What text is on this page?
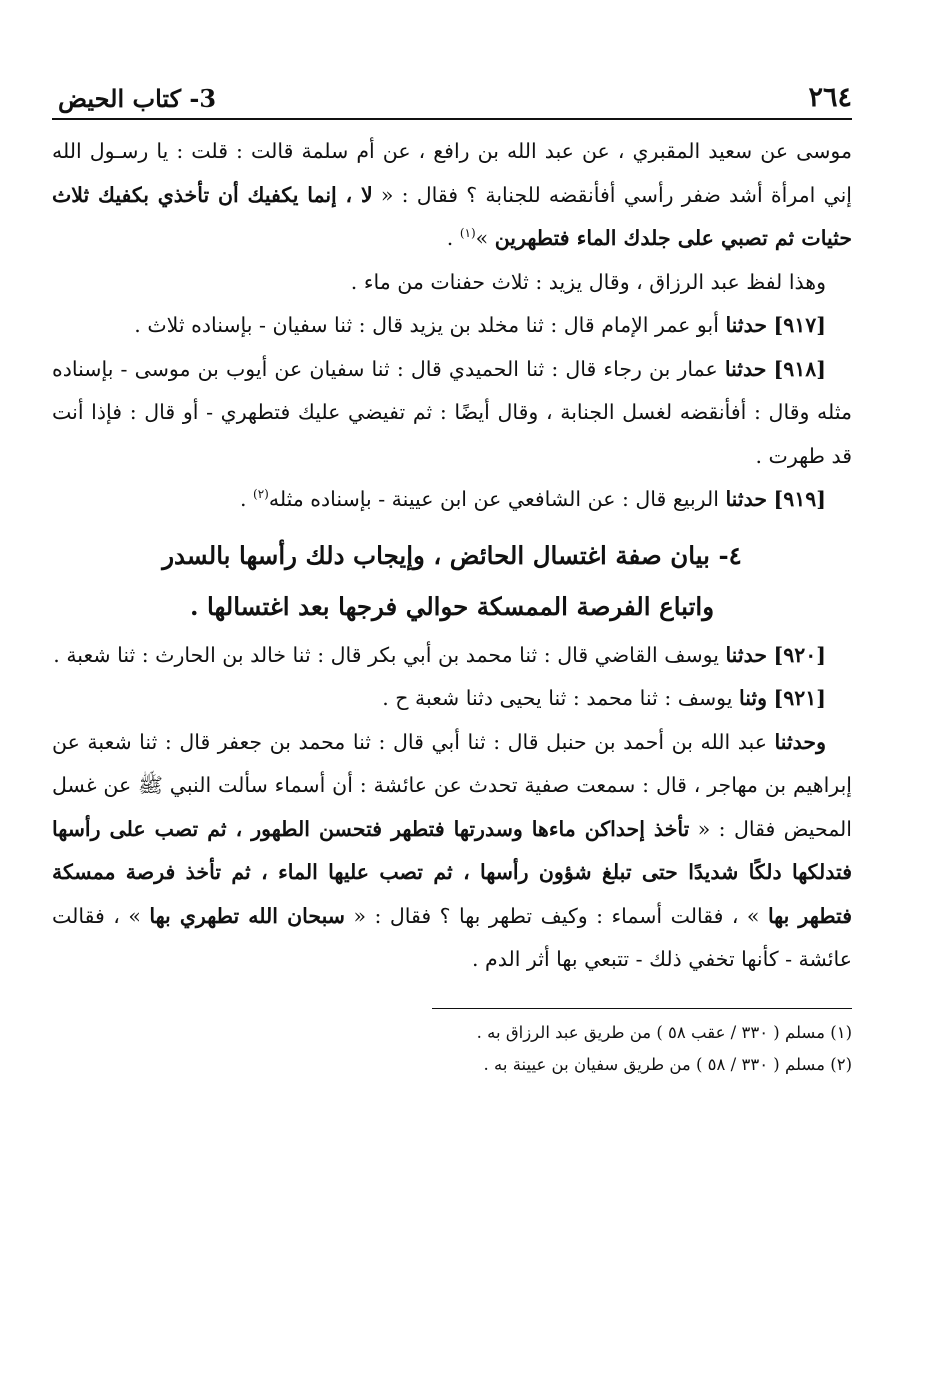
٢٦٤
3- كتاب الحيض

موسى عن سعيد المقبري ، عن عبد الله بن رافع ، عن أم سلمة قالت : قلت : يا رسـول الله إني امرأة أشد ضفر رأسي أفأنقضه للجنابة ؟ فقال : « لا ، إنما يكفيك أن تأخذي بكفيك ثلاث حثيات ثم تصبي على جلدك الماء فتطهرين »$^{(١)}$ .

وهذا لفظ عبد الرزاق ، وقال يزيد : ثلاث حفنات من ماء .

[٩١٧] حدثنا أبو عمر الإمام قال : ثنا مخلد بن يزيد قال : ثنا سفيان - بإسناده ثلاث .

[٩١٨] حدثنا عمار بن رجاء قال : ثنا الحميدي قال : ثنا سفيان عن أيوب بن موسى - بإسناده مثله وقال : أفأنقضه لغسل الجنابة ، وقال أيضًا : ثم تفيضي عليك فتطهري - أو قال : فإذا أنت قد طهرت .

[٩١٩] حدثنا الربيع قال : عن الشافعي عن ابن عيينة - بإسناده مثله$^{(٢)}$ .

٤- بيان صفة اغتسال الحائض ، وإيجاب دلك رأسها بالسدر
واتباع الفرصة الممسكة حوالي فرجها بعد اغتسالها .

[٩٢٠] حدثنا يوسف القاضي قال : ثنا محمد بن أبي بكر قال : ثنا خالد بن الحارث : ثنا شعبة .

[٩٢١] وثنا يوسف : ثنا محمد : ثنا يحيى دثنا شعبة ح .

وحدثنا عبد الله بن أحمد بن حنبل قال : ثنا أبي قال : ثنا محمد بن جعفر قال : ثنا شعبة عن إبراهيم بن مهاجر ، قال : سمعت صفية تحدث عن عائشة : أن أسماء سألت النبي ﷺ عن غسل المحيض فقال : « تأخذ إحداكن ماءها وسدرتها فتطهر فتحسن الطهور ، ثم تصب على رأسها فتدلكها دلكًا شديدًا حتى تبلغ شؤون رأسها ، ثم تصب عليها الماء ، ثم تأخذ فرصة ممسكة فتطهر بها » ، فقالت أسماء : وكيف تطهر بها ؟ فقال : « سبحان الله تطهري بها » ، فقالت عائشة - كأنها تخفي ذلك - تتبعي بها أثر الدم .

(١) مسلم ( ٣٣٠ / عقب ٥٨ ) من طريق عبد الرزاق به .
(٢) مسلم ( ٣٣٠ / ٥٨ ) من طريق سفيان بن عيينة به .
